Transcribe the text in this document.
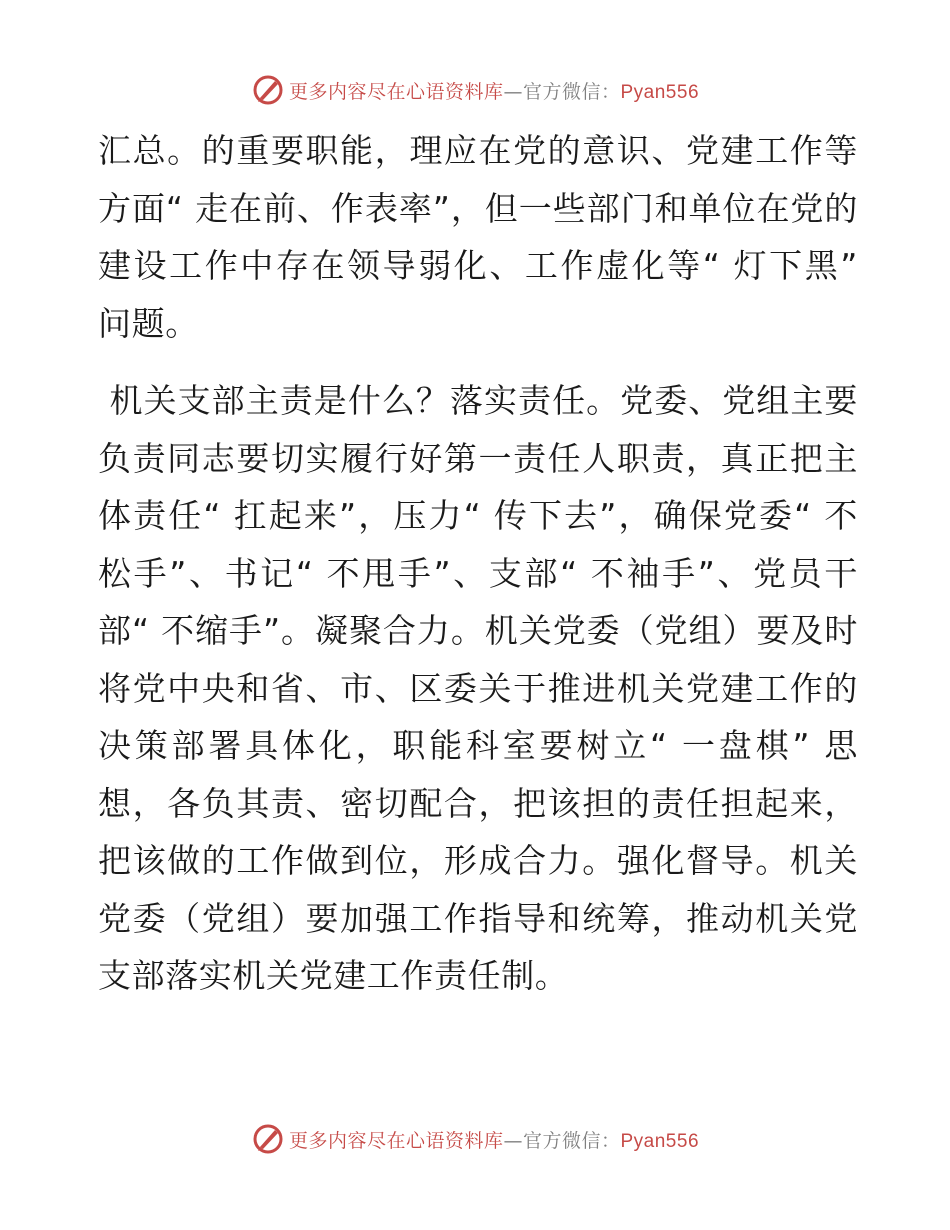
更多内容尽在心语资料库—官方微信：Pyan556

汇总。的重要职能，理应在党的意识、党建工作等方面“ 走在前、作表率”，但一些部门和单位在党的建设工作中存在领导弱化、工作虚化等“ 灯下黑” 问题。

机关支部主责是什么？落实责任。党委、党组主要负责同志要切实履行好第一责任人职责，真正把主体责任“ 扛起来”，压力“ 传下去”，确保党委“ 不松手”、书记“ 不甩手”、支部“ 不袖手”、党员干部“ 不缩手”。凝聚合力。机关党委（党组）要及时将党中央和省、市、区委关于推进机关党建工作的决策部署具体化，职能科室要树立“ 一盘棋” 思想，各负其责、密切配合，把该担的责任担起来，把该做的工作做到位，形成合力。强化督导。机关党委（党组）要加强工作指导和统筹，推动机关党支部落实机关党建工作责任制。

更多内容尽在心语资料库—官方微信：Pyan556
